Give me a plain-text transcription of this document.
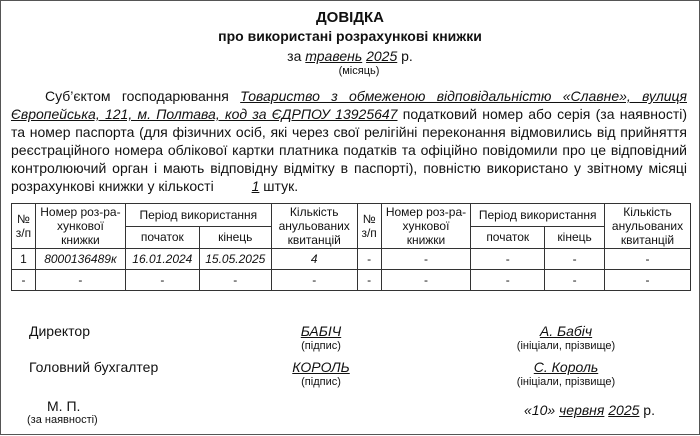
ДОВІДКА
про використані розрахункові книжки
за травень 2025 р.
(місяць)
Суб’єктом господарювання Товариство з обмеженою відповідальністю «Славне», вулиця Європейська, 121, м. Полтава, код за ЄДРПОУ 13925647 податковий номер або серія (за наявності) та номер паспорта (для фізичних осіб, які через свої релігійні переконання відмовились від прийняття реєстраційного номера облікової картки платника податків та офіційно повідомили про це відповідний контролюючий орган і мають відповідну відмітку в паспорті), повністю використано у звітному місяці розрахункові книжки у кількості	1 штук.
№ з/п	Номер роз-ра-хункової книжки	Період використання		Кількість анульованих квитанцій	№ з/п	Номер роз-ра-хункової книжки	Період використання		Кількість анульованих квитанцій
		початок	кінець				початок	кінець	
1	8000136489к	16.01.2024	15.05.2025	4	-	-	-	-	-
-	-	-	-	-	-	-	-	-	-
Директор	БАБІЧ
(підпис)
А. Бабіч
(ініціали, прізвище)
Головний бухгалтер	КОРОЛЬ
(підпис)
С. Король
(ініціали, прізвище)
М. П.
(за наявності)
«10» червня 2025 р.
